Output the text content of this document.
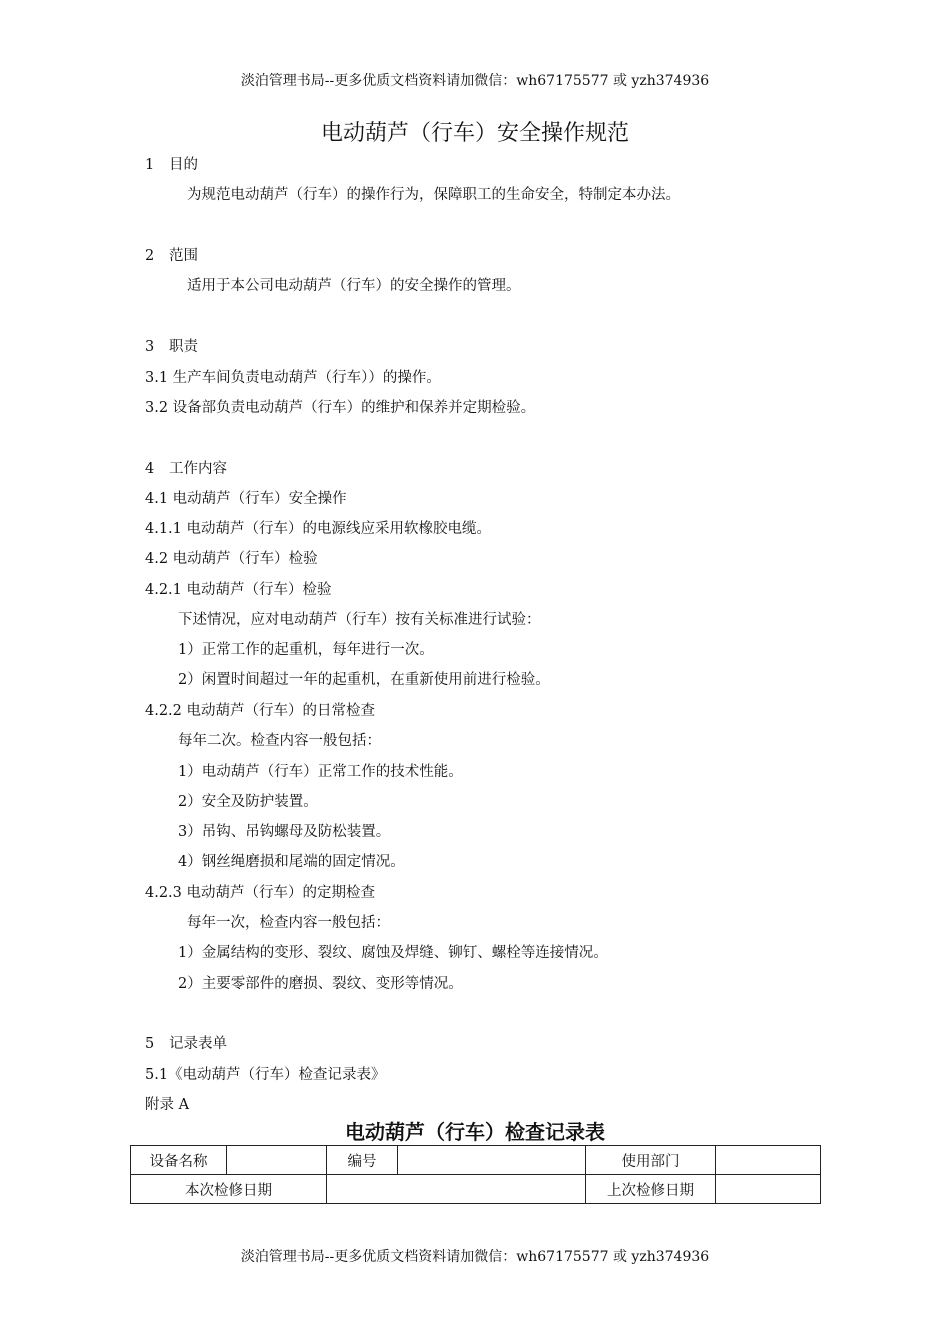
淡泊管理书局--更多优质文档资料请加微信：wh67175577 或 yzh374936
电动葫芦（行车）安全操作规范
1 目的
为规范电动葫芦（行车）的操作行为，保障职工的生命安全，特制定本办法。
2 范围
适用于本公司电动葫芦（行车）的安全操作的管理。
3 职责
3.1 生产车间负责电动葫芦（行车））的操作。
3.2 设备部负责电动葫芦（行车）的维护和保养并定期检验。
4 工作内容
4.1 电动葫芦（行车）安全操作
4.1.1 电动葫芦（行车）的电源线应采用软橡胶电缆。
4.2 电动葫芦（行车）检验
4.2.1 电动葫芦（行车）检验
下述情况，应对电动葫芦（行车）按有关标准进行试验：
1）正常工作的起重机，每年进行一次。
2）闲置时间超过一年的起重机，在重新使用前进行检验。
4.2.2 电动葫芦（行车）的日常检查
每年二次。检查内容一般包括：
1）电动葫芦（行车）正常工作的技术性能。
2）安全及防护装置。
3）吊钩、吊钩螺母及防松装置。
4）钢丝绳磨损和尾端的固定情况。
4.2.3 电动葫芦（行车）的定期检查
每年一次，检查内容一般包括：
1）金属结构的变形、裂纹、腐蚀及焊缝、铆钉、螺栓等连接情况。
2）主要零部件的磨损、裂纹、变形等情况。
5 记录表单
5.1《电动葫芦（行车）检查记录表》
附录 A
电动葫芦（行车）检查记录表
设备名称		编号		使用部门	
本次检修日期				上次检修日期	
淡泊管理书局--更多优质文档资料请加微信：wh67175577 或 yzh374936
